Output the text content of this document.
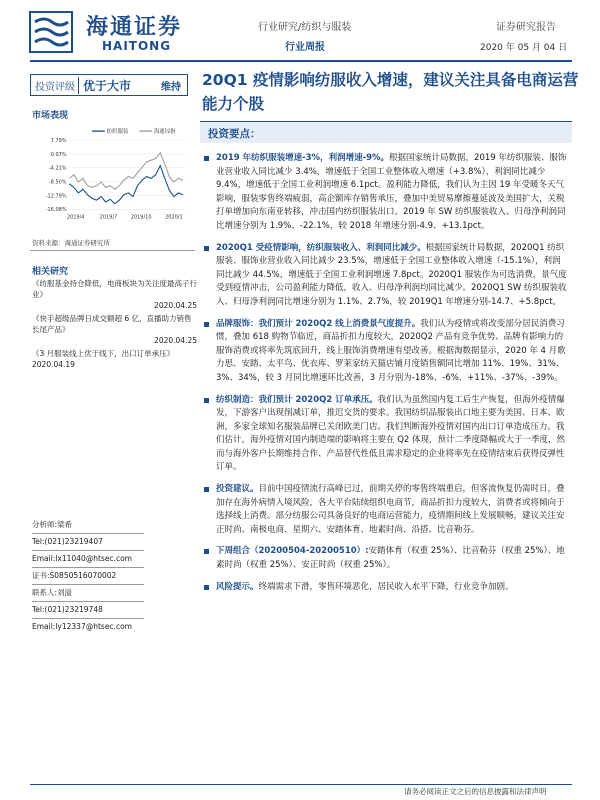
海通证券
HAITONG
行业研究/纺织与服装
行业周报
证券研究报告
2020 年 05 月 04 日
投资评级 优于大市	维持	20Q1 疫情影响纺服收入增速，建议关注具备电商运营能力个股
市场表现
7.79%
0.07%
-4.21%
-8.50%
-12.79%
-16.08%
2019/4	2019/7 2019/10 2020/1
纺织服装	海通综指
资料来源：海通证券研究所
相关研究
《纺服基金持仓降低，电商板块为关注度最高子行业》
2020.04.25
《快手超级品牌日成交额超 6 亿，直播助力销售长尾产品》
2020.04.25
《3 月服装线上优于线下，出口订单承压》
2020.04.19
分析师:梁希
Tel:(021)23219407
Email:lx11040@htsec.com
证书:S0850516070002
联系人:刘溢
Tel:(021)23219748
Email:ly12337@htsec.com
投资要点：
2019 年纺织服装增速-3%，利润增速-9%。根据国家统计局数据，2019 年纺织服装、服饰业营业收入同比减少 3.4%，增速低于全国工业整体收入增速（+3.8%），利润同比减少 9.4%，增速低于全国工业利润增速 6.1pct。盈利能力降低，我们认为主因 19 年受暖冬天气影响，服装零售终端疲弱，高企额库存销售承压，叠加中美贸易摩擦蔓延波及美国扩大，关税打单增加向东南亚转移，冲击国内纺织服装出口。2019 年 SW 纺织服装收入、归母净利润同比增速分别为 1.9%、-22.1%，较 2018 年增速分别-4.9、+13.1pct。
2020Q1 受疫情影响，纺织服装收入、利润同比减少。根据国家统计局数据，2020Q1 纺织服装、服饰业营业收入同比减少 23.5%，增速低于全国工业整体收入增速（-15.1%），利润同比减少 44.5%，增速低于全国工业利润增速 7.8pct。2020Q1 服装作为可选消费，景气度受到疫情冲击，公司盈利能力降低，收入、归母净利润均同比减少。2020Q1 SW 纺织服装收入、归母净利润同比增速分别为 1.1%、2.7%，较 2019Q1 年增速分别-14.7、+5.8pct。
品牌服饰：我们预计 2020Q2 线上消费景气度提升。我们认为疫情或将改变部分居民消费习惯，叠加 618 购物节临近，商品折扣力度较大，2020Q2 产品有竞争优势、品牌有影响力的服饰消费或将率先筑底回升，线上服饰消费增速有望改善。根据淘数据显示，2020 年 4 月歌力思、安踏、太平鸟、优衣库、罗莱家纺天猫店铺月度销售额同比增加 11%、19%、31%、3%、34%，较 3 月同比增速环比改善，3 月分别为-18%、-6%、+11%、-37%、-39%。
纺织制造：我们预计 2020Q2 订单承压。我们认为虽然国内复工后生产恢复，但海外疫情爆发，下游客户出现削减订单，推迟交货的要求。我国纺织品服装出口地主要为美国、日本、欧洲，多家全球知名服装品牌已关闭欧美门店。我们判断海外疫情对国内出口订单造成压力。我们估计，海外疫情对国内制造端的影响将主要在 Q2 体现，预计二季度降幅或大于一季度，然而与海外客户长期维持合作、产品替代性低且需求稳定的企业将率先在疫情结束后获得反弹性订单。
投资建议。目前中国疫情流行高峰已过，前期关停的零售终端重启，但客流恢复仍需时日，叠加存在海外病情入境风险，各大平台陆续组织电商节，商品折扣力度较大，消费者或将倾向于选择线上消费。部分纺服公司具备良好的电商运营能力，疫情期间线上发展顺畅，建议关注安正时尚、南极电商、星期六、安踏体育、地素时尚、沿搭、比音勒芬。
下周组合（20200504-20200510）:安踏体育（权重 25%）、比音勒芬（权重 25%）、地素时尚（权重 25%）、安正时尚（权重 25%）。
风险提示。终端需求下滑，零售环境恶化，居民收入水平下降，行业竞争加剧。
请务必阅读正文之后的信息披露和法律声明
